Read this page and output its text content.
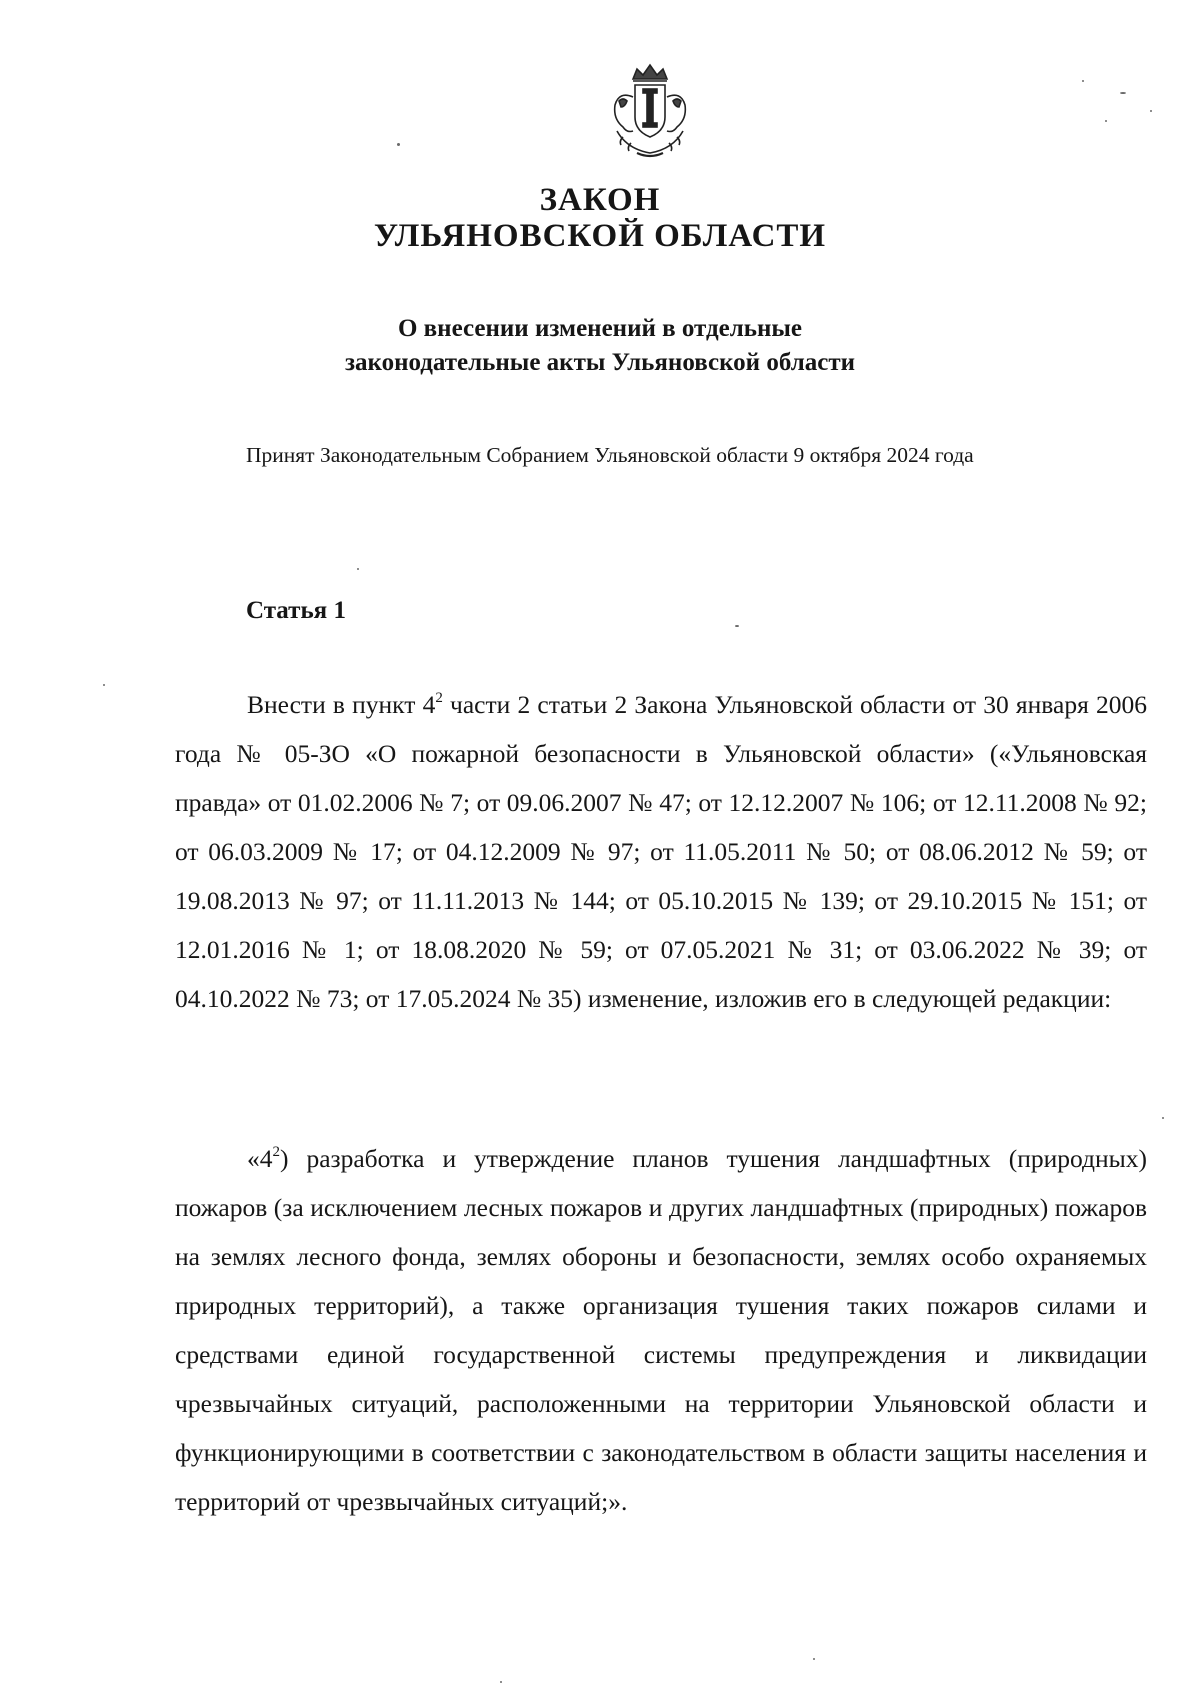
ЗАКОН
УЛЬЯНОВСКОЙ ОБЛАСТИ
О внесении изменений в отдельные
законодательные акты Ульяновской области
Принят Законодательным Собранием Ульяновской области 9 октября 2024 года
Статья 1

Внести в пункт $4^2$ части 2 статьи 2 Закона Ульяновской области от 30 января 2006 года № 05-ЗО «О пожарной безопасности в Ульяновской области» («Ульяновская правда» от 01.02.2006 № 7; от 09.06.2007 № 47; от 12.12.2007 № 106; от 12.11.2008 № 92; от 06.03.2009 № 17; от 04.12.2009 № 97; от 11.05.2011 № 50; от 08.06.2012 № 59; от 19.08.2013 № 97; от 11.11.2013 № 144; от 05.10.2015 № 139; от 29.10.2015 № 151; от 12.01.2016 № 1; от 18.08.2020 № 59; от 07.05.2021 № 31; от 03.06.2022 № 39; от 04.10.2022 № 73; от 17.05.2024 № 35) изменение, изложив его в следующей редакции:

«$4^2$) разработка и утверждение планов тушения ландшафтных (природных) пожаров (за исключением лесных пожаров и других ландшафтных (природных) пожаров на землях лесного фонда, землях обороны и безопасности, землях особо охраняемых природных территорий), а также организация тушения таких пожаров силами и средствами единой государственной системы предупреждения и ликвидации чрезвычайных ситуаций, расположенными на территории Ульяновской области и функционирующими в соответствии с законодательством в области защиты населения и территорий от чрезвычайных ситуаций;».
